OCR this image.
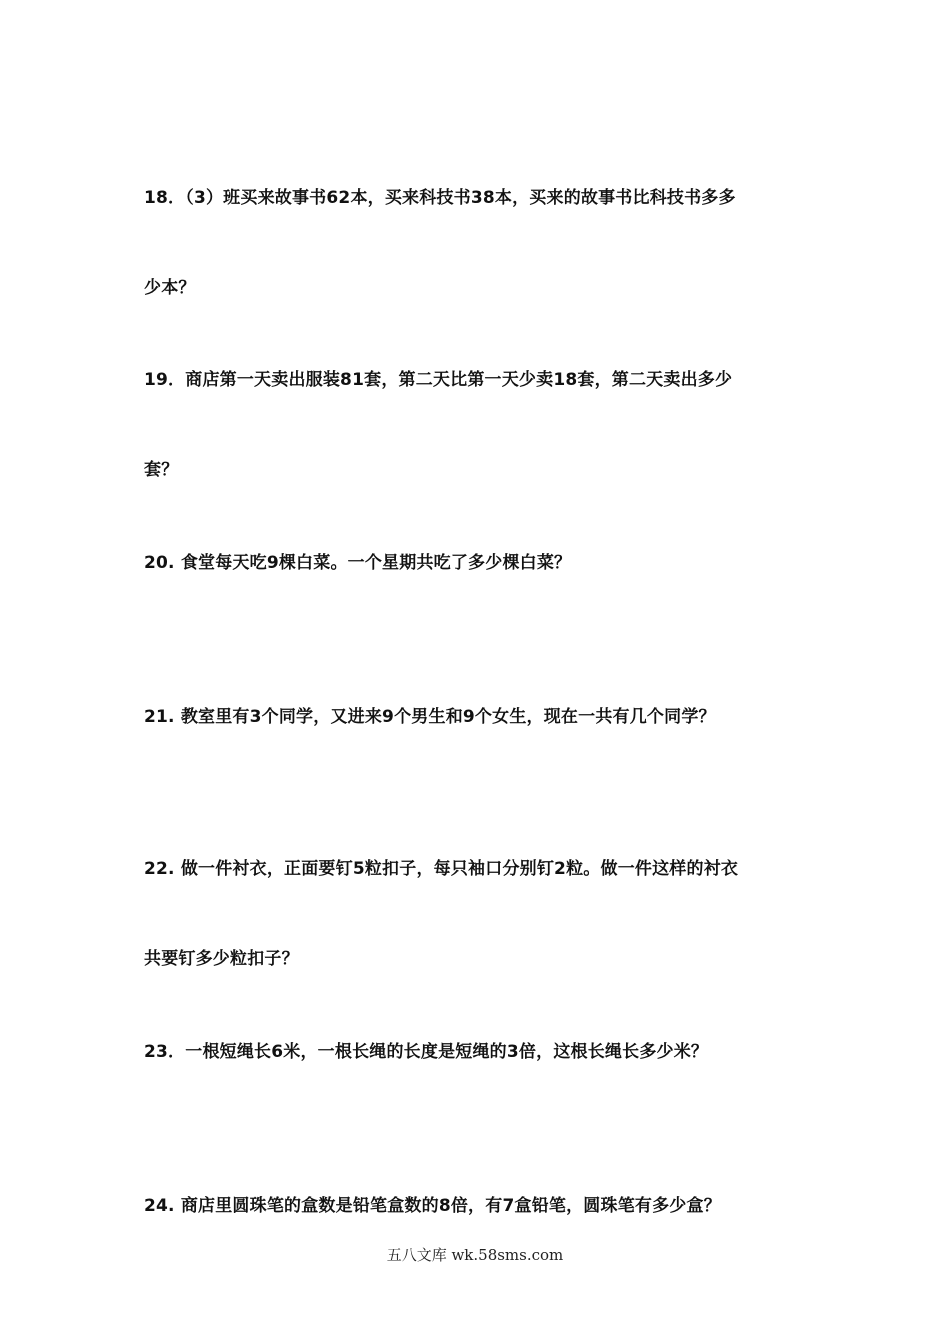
18．（3）班买来故事书62本，买来科技书38本，买来的故事书比科技书多多

少本？

19．商店第一天卖出服装81套，第二天比第一天少卖18套，第二天卖出多少

套？

20. 食堂每天吃9棵白菜。一个星期共吃了多少棵白菜？

21. 教室里有3个同学，又进来9个男生和9个女生，现在一共有几个同学？

22. 做一件衬衣，正面要钉5粒扣子，每只袖口分别钉2粒。做一件这样的衬衣

共要钉多少粒扣子？

23．一根短绳长6米，一根长绳的长度是短绳的3倍，这根长绳长多少米？

24. 商店里圆珠笔的盒数是铅笔盒数的8倍，有7盒铅笔，圆珠笔有多少盒？

五八文库 wk.58sms.com
